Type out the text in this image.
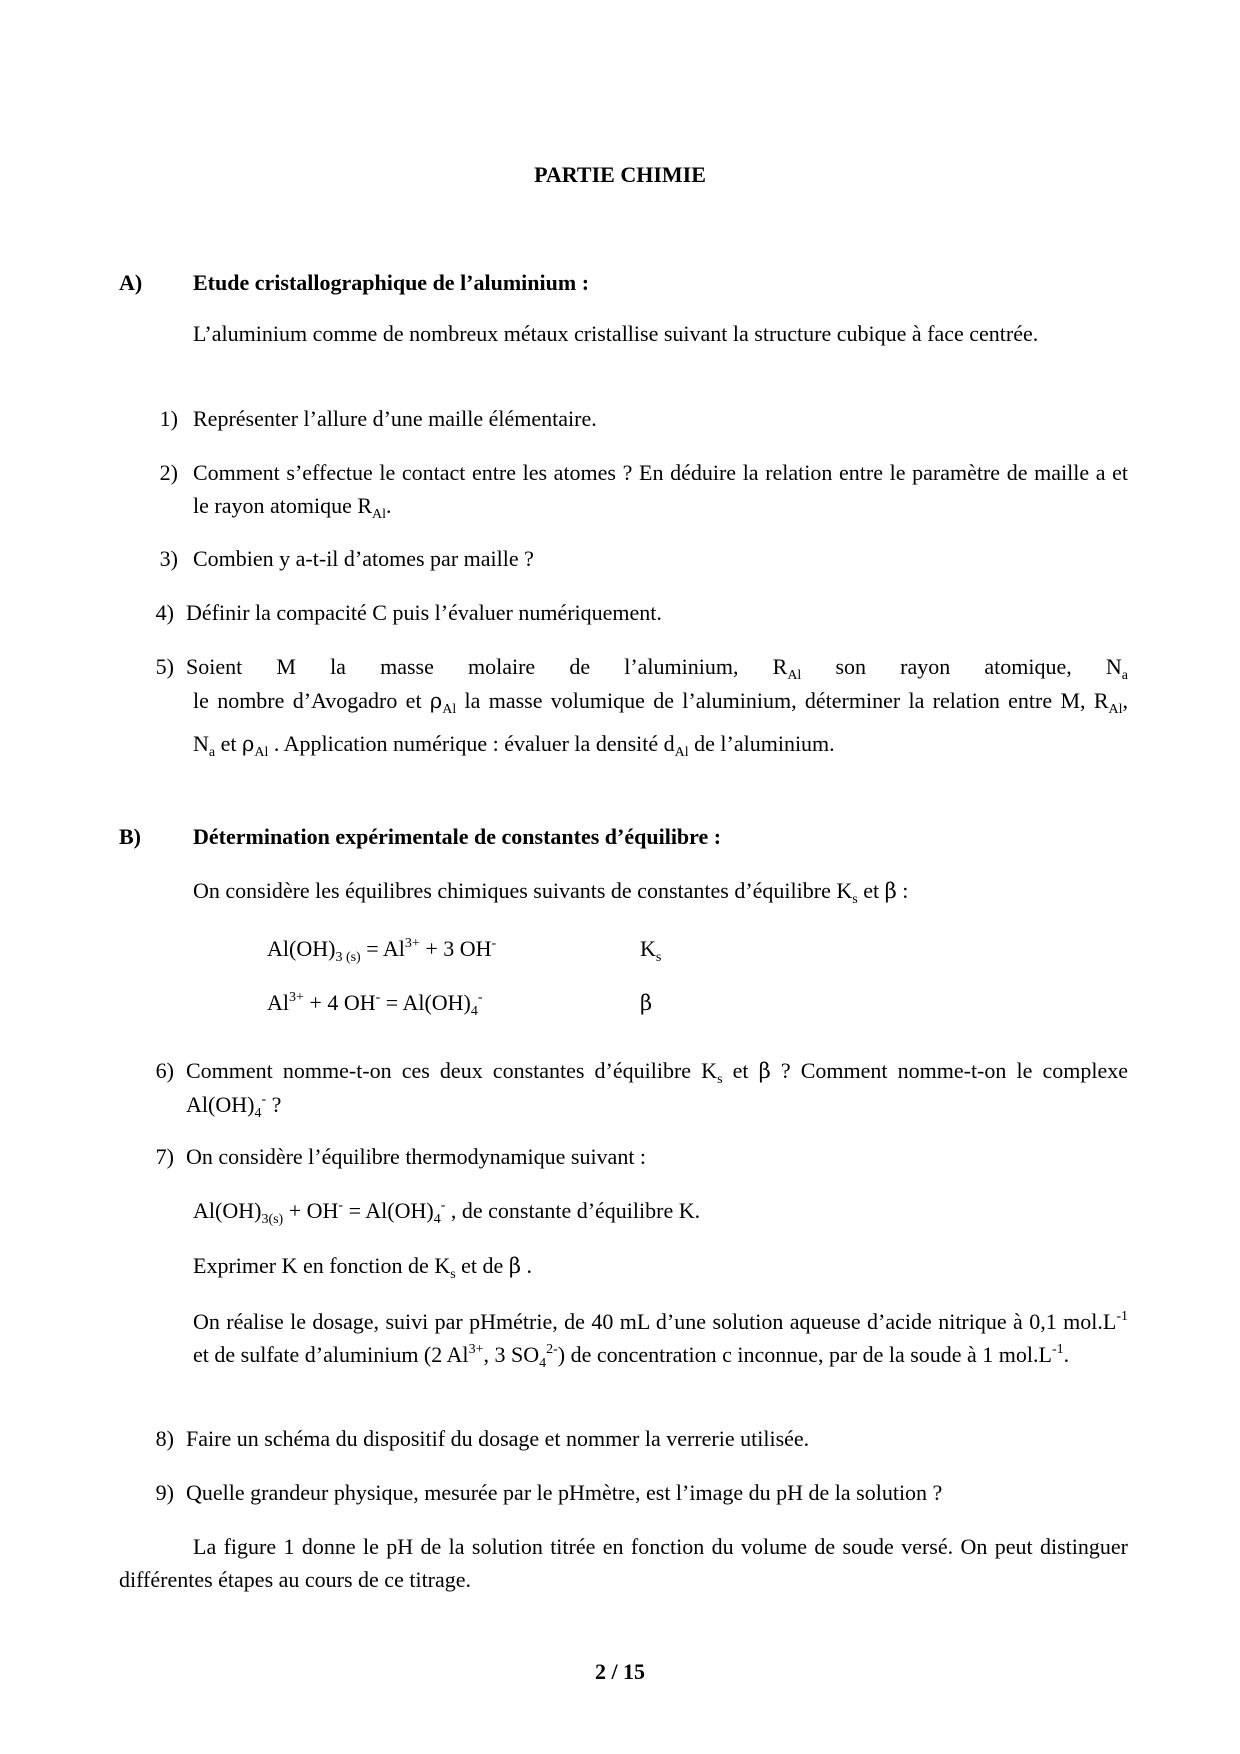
PARTIE CHIMIE
A) Etude cristallographique de l’aluminium :
L’aluminium comme de nombreux métaux cristallise suivant la structure cubique à face centrée.
1) Représenter l’allure d’une maille élémentaire.
2) Comment s’effectue le contact entre les atomes ? En déduire la relation entre le paramètre de maille a et le rayon atomique $R_{Al}$.
3) Combien y a-t-il d’atomes par maille ?
4) Définir la compacité C puis l’évaluer numériquement.
5) Soient M la masse molaire de l’aluminium, $R_{Al}$ son rayon atomique, $N_a$
le nombre d’Avogadro et $\rho_{Al}$ la masse volumique de l’aluminium, déterminer la relation entre M, $R_{Al}$,
$N_a$ et $\rho_{Al}$ . Application numérique : évaluer la densité $d_{Al}$ de l’aluminium.
B) Détermination expérimentale de constantes d’équilibre :
On considère les équilibres chimiques suivants de constantes d’équilibre $K_s$ et β :
$Al(OH)_{3 (s)} = Al^{3+} + 3$ OH-	$K_s$
$Al^{3+} + 4$ $OH^- = Al(OH)_4^-$	β
6) Comment nomme-t-on ces deux constantes d’équilibre $K_s$ et β ? Comment nomme-t-on le complexe $Al(OH)_4^-$ ?
7) On considère l’équilibre thermodynamique suivant :
$Al(OH)_{3(s)} + OH^- = Al(OH)_4^-$ , de constante d’équilibre K.
Exprimer K en fonction de $K_s$ et de β .
On réalise le dosage, suivi par pHmétrie, de 40 mL d’une solution aqueuse d’acide nitrique à 0,1 $mol.L^{-1}$ et de sulfate d’aluminium (2 $Al^{3+}$, 3 $SO_4^{2-}$) de concentration c inconnue, par de la soude à 1 $mol.L^{-1}$.
8) Faire un schéma du dispositif du dosage et nommer la verrerie utilisée.
9) Quelle grandeur physique, mesurée par le pHmètre, est l’image du pH de la solution ?
La figure 1 donne le pH de la solution titrée en fonction du volume de soude versé. On peut distinguer différentes étapes au cours de ce titrage.
2 / 15
